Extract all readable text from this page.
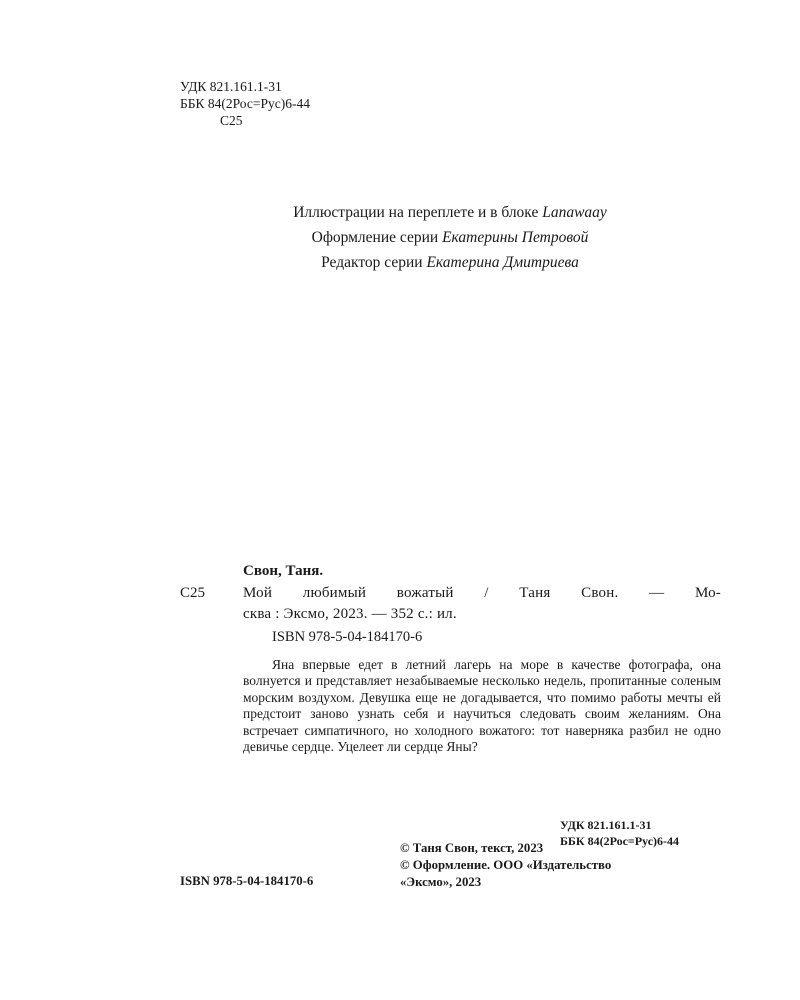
УДК 821.161.1-31
ББК 84(2Рос=Рус)6-44
С25
Иллюстрации на переплете и в блоке Lanawaay
Оформление серии Екатерины Петровой
Редактор серии Екатерина Дмитриева
Свон, Таня.
С25	Мой любимый вожатый / Таня Свон. — Мо-
сква : Эксмо, 2023. — 352 с.: ил.
ISBN 978-5-04-184170-6

Яна впервые едет в летний лагерь на море в качестве фотографа, она волнуется и представляет незабываемые несколько недель, пропитанные соленым морским воздухом. Девушка еще не догадывается, что помимо работы мечты ей предстоит заново узнать себя и научиться следовать своим желаниям. Она встречает симпатичного, но холодного вожатого: тот наверняка разбил не одно девичье сердце. Уцелеет ли сердце Яны?

УДК 821.161.1-31
ББК 84(2Рос=Рус)6-44
© Таня Свон, текст, 2023
© Оформление. ООО «Издательство
«Эксмо», 2023
ISBN 978-5-04-184170-6
